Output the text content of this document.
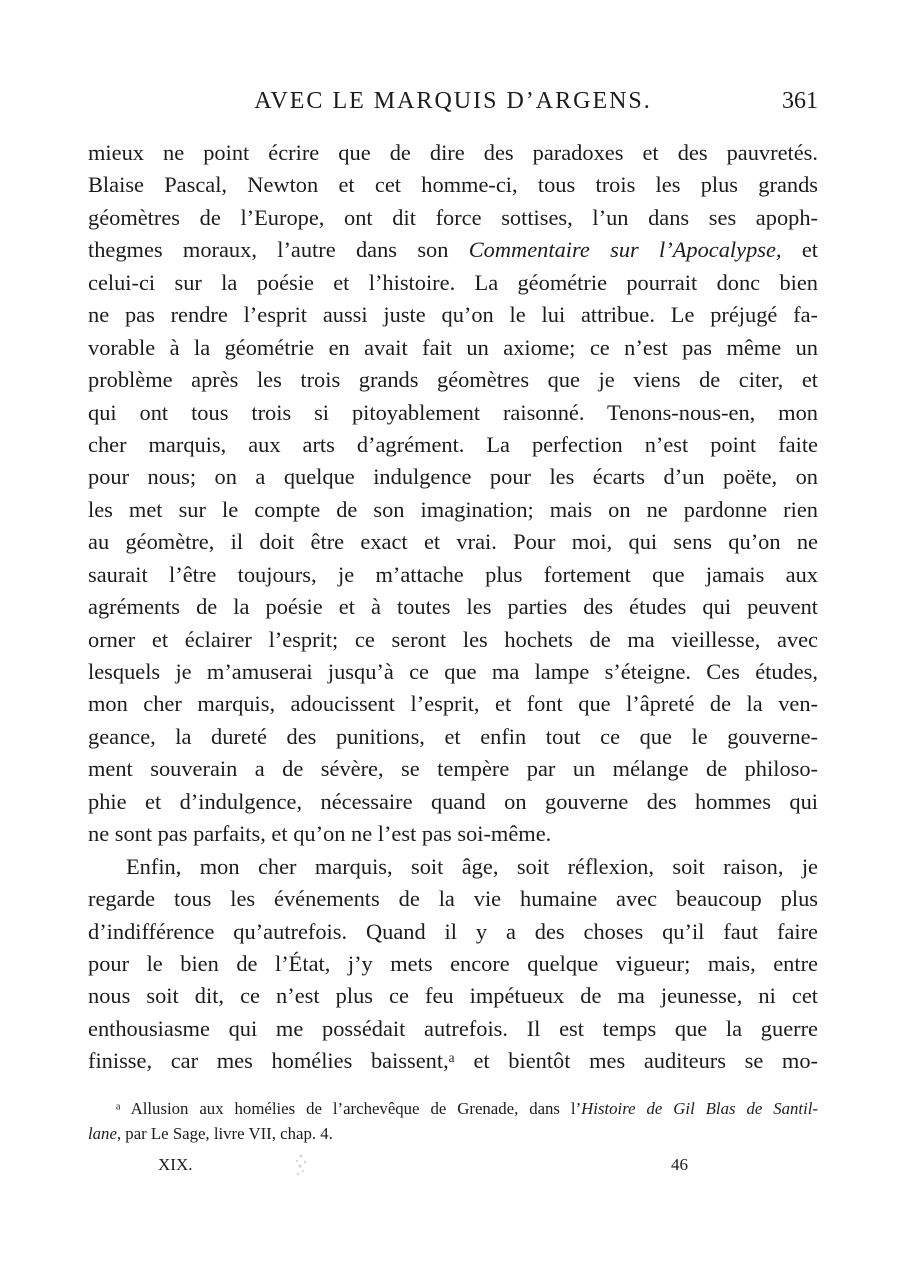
AVEC LE MARQUIS D’ARGENS.	361
mieux ne point écrire que de dire des paradoxes et des pauvretés.
Blaise Pascal, Newton et cet homme-ci, tous trois les plus grands
géomètres de l’Europe, ont dit force sottises, l’un dans ses apoph-
thegmes moraux, l’autre dans son Commentaire sur l’Apocalypse, et
celui-ci sur la poésie et l’histoire. La géométrie pourrait donc bien
ne pas rendre l’esprit aussi juste qu’on le lui attribue. Le préjugé fa-
vorable à la géométrie en avait fait un axiome; ce n’est pas même un
problème après les trois grands géomètres que je viens de citer, et
qui ont tous trois si pitoyablement raisonné. Tenons-nous-en, mon
cher marquis, aux arts d’agrément. La perfection n’est point faite
pour nous; on a quelque indulgence pour les écarts d’un poëte, on
les met sur le compte de son imagination; mais on ne pardonne rien
au géomètre, il doit être exact et vrai. Pour moi, qui sens qu’on ne
saurait l’être toujours, je m’attache plus fortement que jamais aux
agréments de la poésie et à toutes les parties des études qui peuvent
orner et éclairer l’esprit; ce seront les hochets de ma vieillesse, avec
lesquels je m’amuserai jusqu’à ce que ma lampe s’éteigne. Ces études,
mon cher marquis, adoucissent l’esprit, et font que l’âpreté de la ven-
geance, la dureté des punitions, et enfin tout ce que le gouverne-
ment souverain a de sévère, se tempère par un mélange de philoso-
phie et d’indulgence, nécessaire quand on gouverne des hommes qui
ne sont pas parfaits, et qu’on ne l’est pas soi-même.
Enfin, mon cher marquis, soit âge, soit réflexion, soit raison, je
regarde tous les événements de la vie humaine avec beaucoup plus
d’indifférence qu’autrefois. Quand il y a des choses qu’il faut faire
pour le bien de l’État, j’y mets encore quelque vigueur; mais, entre
nous soit dit, ce n’est plus ce feu impétueux de ma jeunesse, ni cet
enthousiasme qui me possédait autrefois. Il est temps que la guerre
finisse, car mes homélies baissent,ᵃ et bientôt mes auditeurs se mo-
ᵃ Allusion aux homélies de l’archevêque de Grenade, dans l’Histoire de Gil Blas de Santil-
lane, par Le Sage, livre VII, chap. 4.
XIX.	46
